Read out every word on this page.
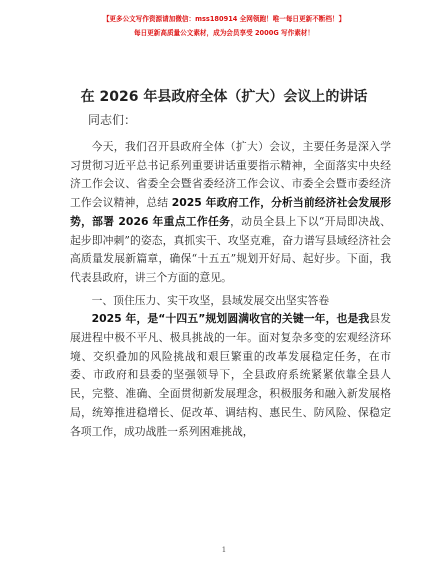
【更多公文写作资源请加微信：mss180914 全网领跑！唯一每日更新不断档！】
每日更新高质量公文素材，成为会员享受 2000G 写作素材！
在 2026 年县政府全体（扩大）会议上的讲话
同志们：

今天，我们召开县政府全体（扩大）会议，主要任务是深入学习贯彻习近平总书记系列重要讲话重要指示精神，全面落实中央经济工作会议、省委全会暨省委经济工作会议、市委全会暨市委经济工作会议精神，总结 2025 年政府工作，分析当前经济社会发展形势，部署 2026 年重点工作任务，动员全县上下以“开局即决战、起步即冲刺”的姿态，真抓实干、攻坚克难，奋力谱写县域经济社会高质量发展新篇章，确保“十五五”规划开好局、起好步。下面，我代表县政府，讲三个方面的意见。

一、顶住压力、实干攻坚，县域发展交出坚实答卷

2025 年，是“十四五”规划圆满收官的关键一年，也是我县发展进程中极不平凡、极具挑战的一年。面对复杂多变的宏观经济环境、交织叠加的风险挑战和艰巨繁重的改革发展稳定任务，在市委、市政府和县委的坚强领导下，全县政府系统紧紧依靠全县人民，完整、准确、全面贯彻新发展理念，积极服务和融入新发展格局，统筹推进稳增长、促改革、调结构、惠民生、防风险、保稳定各项工作，成功战胜一系列困难挑战，

1
